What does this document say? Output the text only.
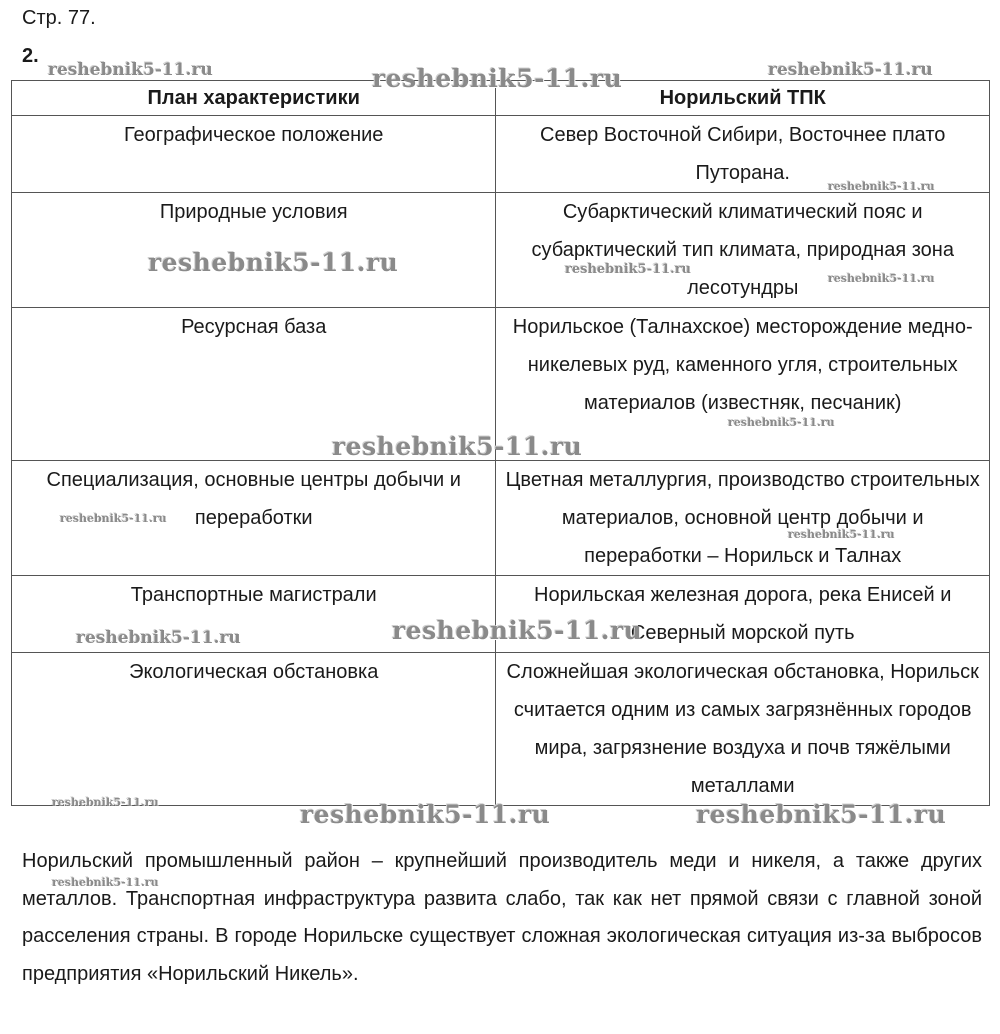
Стр. 77.
2.
План характеристики	Норильский ТПК
Географическое положение	Север Восточной Сибири, Восточнее плато Путорана.
Природные условия	Субарктический климатический пояс и субарктический тип климата, природная зона лесотундры
Ресурсная база	Норильское (Талнахское) месторождение медно-никелевых руд, каменного угля, строительных материалов (известняк, песчаник)
Специализация, основные центры добычи и переработки	Цветная металлургия, производство строительных материалов, основной центр добычи и переработки – Норильск и Талнах
Транспортные магистрали	Норильская железная дорога, река Енисей и Северный морской путь
Экологическая обстановка	Сложнейшая экологическая обстановка, Норильск считается одним из самых загрязнённых городов мира, загрязнение воздуха и почв тяжёлыми металлами

Норильский промышленный район – крупнейший производитель меди и никеля, а также других металлов. Транспортная инфраструктура развита слабо, так как нет прямой связи с главной зоной расселения страны. В городе Норильске существует сложная экологическая ситуация из-за выбросов предприятия «Норильский Никель».

reshebnik5-11.ru	reshebnik5-11.ru	reshebnik5-11.ru
reshebnik5-11.ru
reshebnik5-11.ru	reshebnik5-11.ru
reshebnik5-11.ru
reshebnik5-11.ru
reshebnik5-11.ru
reshebnik5-11.ru
reshebnik5-11.ru
reshebnik5-11.ru	reshebnik5-11.ru
reshebnik5-11.ru	reshebnik5-11.ru	reshebnik5-11.ru
reshebnik5-11.ru
